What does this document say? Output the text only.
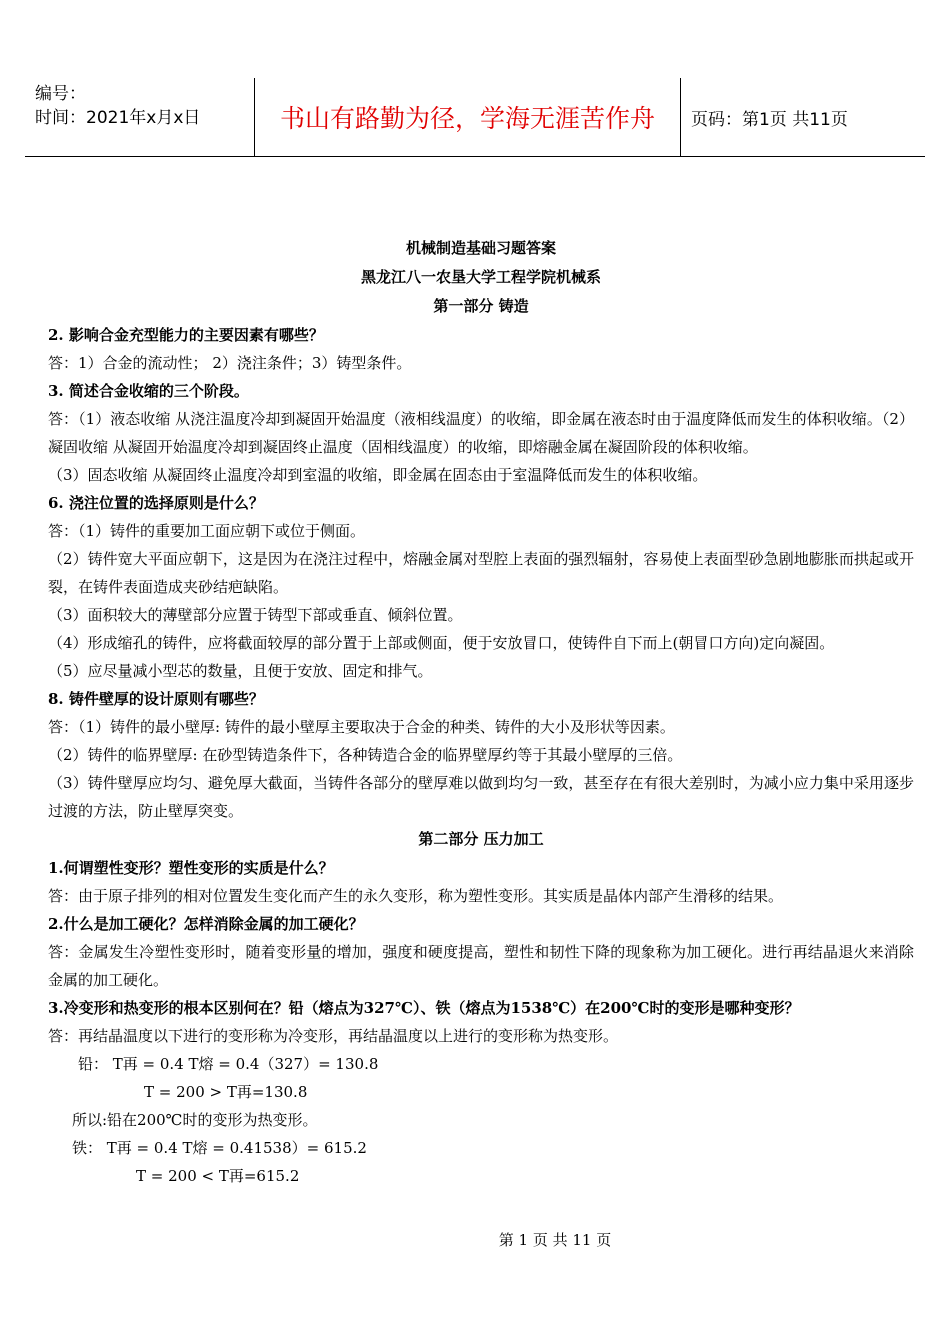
编号：
时间：2021年x月x日	书山有路勤为径，学海无涯苦作舟	页码：第1页 共11页
机械制造基础习题答案
黑龙江八一农垦大学工程学院机械系
第一部分 铸造
2. 影响合金充型能力的主要因素有哪些？
答：1）合金的流动性； 2）浇注条件；3）铸型条件。
3. 简述合金收缩的三个阶段。
答：（1）液态收缩 从浇注温度冷却到凝固开始温度（液相线温度）的收缩，即金属在液态时由于温度降低而发生的体积收缩。（2）凝固收缩 从凝固开始温度冷却到凝固终止温度（固相线温度）的收缩，即熔融金属在凝固阶段的体积收缩。
（3）固态收缩 从凝固终止温度冷却到室温的收缩，即金属在固态由于室温降低而发生的体积收缩。
6. 浇注位置的选择原则是什么？
答：（1）铸件的重要加工面应朝下或位于侧面。
（2）铸件宽大平面应朝下，这是因为在浇注过程中，熔融金属对型腔上表面的强烈辐射，容易使上表面型砂急剧地膨胀而拱起或开裂，在铸件表面造成夹砂结疤缺陷。
（3）面积较大的薄壁部分应置于铸型下部或垂直、倾斜位置。
（4）形成缩孔的铸件，应将截面较厚的部分置于上部或侧面，便于安放冒口，使铸件自下而上(朝冒口方向)定向凝固。
（5）应尽量减小型芯的数量，且便于安放、固定和排气。
8. 铸件壁厚的设计原则有哪些？
答：（1）铸件的最小壁厚: 铸件的最小壁厚主要取决于合金的种类、铸件的大小及形状等因素。
（2）铸件的临界壁厚: 在砂型铸造条件下，各种铸造合金的临界壁厚约等于其最小壁厚的三倍。
（3）铸件壁厚应均匀、避免厚大截面，当铸件各部分的壁厚难以做到均匀一致，甚至存在有很大差别时，为减小应力集中采用逐步过渡的方法，防止壁厚突变。
第二部分 压力加工
1.何谓塑性变形？塑性变形的实质是什么？
答：由于原子排列的相对位置发生变化而产生的永久变形，称为塑性变形。其实质是晶体内部产生滑移的结果。
2.什么是加工硬化？怎样消除金属的加工硬化？
答：金属发生冷塑性变形时，随着变形量的增加，强度和硬度提高，塑性和韧性下降的现象称为加工硬化。进行再结晶退火来消除金属的加工硬化。
3.冷变形和热变形的根本区别何在？铅（熔点为327℃）、铁（熔点为1538℃）在200℃时的变形是哪种变形？
答：再结晶温度以下进行的变形称为冷变形，再结晶温度以上进行的变形称为热变形。
铅： T再 = 0.4 T熔 = 0.4（327）= 130.8
T = 200 > T再=130.8
所以:铅在200℃时的变形为热变形。
铁： T再 = 0.4 T熔 = 0.41538）= 615.2
T = 200 < T再=615.2
第 1 页 共 11 页
